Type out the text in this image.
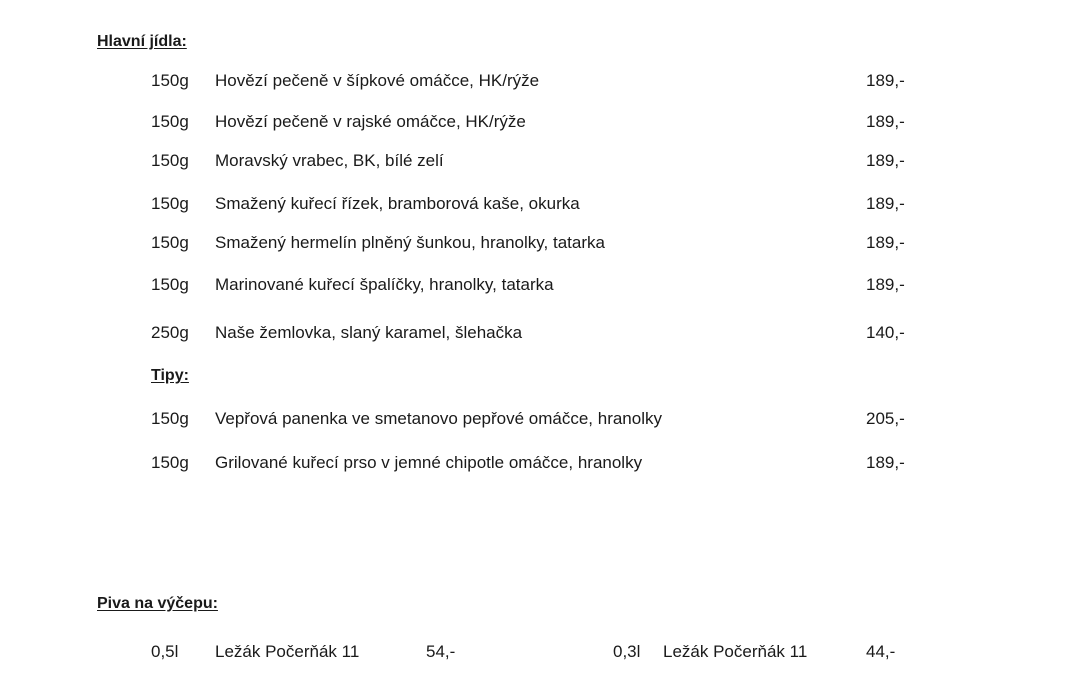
Hlavní jídla:
150g Hovězí pečeně v šípkové omáčce, HK/rýže	189,-
150g Hovězí pečeně v rajské omáčce, HK/rýže	189,-
150g Moravský vrabec, BK, bílé zelí	189,-
150g Smažený kuřecí řízek, bramborová kaše, okurka	189,-
150g Smažený hermelín plněný šunkou, hranolky, tatarka	189,-
150g Marinované kuřecí špalíčky, hranolky, tatarka	189,-
250g Naše žemlovka, slaný karamel, šlehačka	140,-
Tipy:
150g Vepřová panenka ve smetanovo pepřové omáčce, hranolky	205,-
150g Grilované kuřecí prso v jemné chipotle omáčce, hranolky	189,-
Piva na výčepu:
0,5l Ležák Počerňák 11	54,-	0,3l Ležák Počerňák 11	44,-
